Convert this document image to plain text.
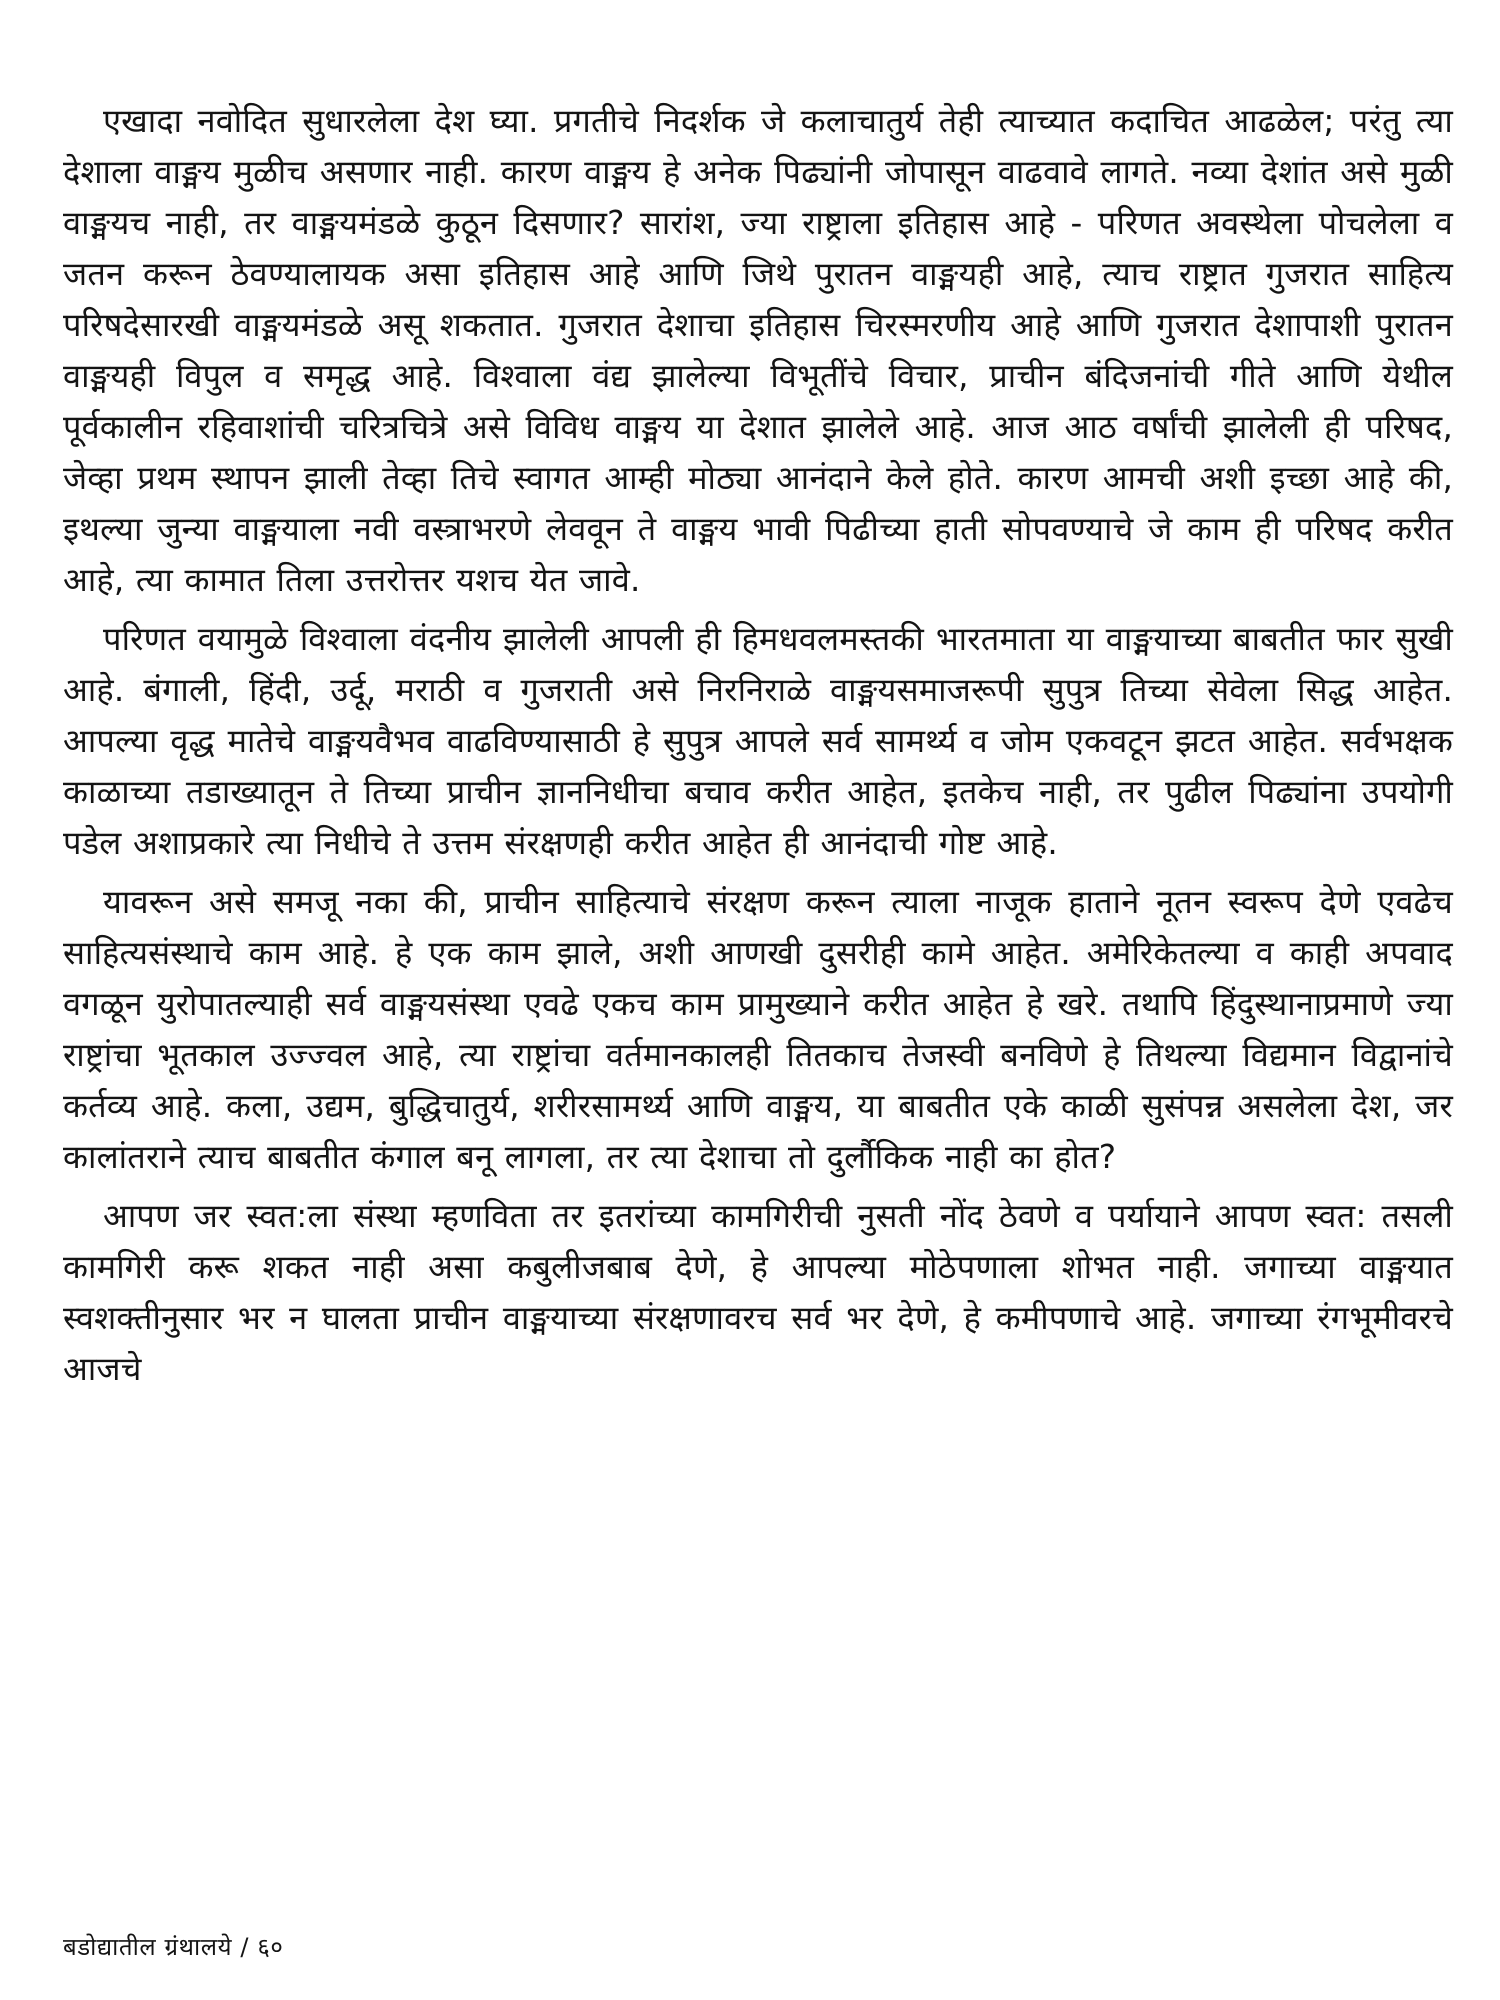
एखादा नवोदित सुधारलेला देश घ्या. प्रगतीचे निदर्शक जे कलाचातुर्य तेही त्याच्यात कदाचित आढळेल; परंतु त्या देशाला वाङ्मय मुळीच असणार नाही. कारण वाङ्मय हे अनेक पिढ्यांनी जोपासून वाढवावे लागते. नव्या देशांत असे मुळी वाङ्मयच नाही, तर वाङ्मयमंडळे कुठून दिसणार? सारांश, ज्या राष्ट्राला इतिहास आहे - परिणत अवस्थेला पोचलेला व जतन करून ठेवण्यालायक असा इतिहास आहे आणि जिथे पुरातन वाङ्मयही आहे, त्याच राष्ट्रात गुजरात साहित्य परिषदेसारखी वाङ्मयमंडळे असू शकतात. गुजरात देशाचा इतिहास चिरस्मरणीय आहे आणि गुजरात देशापाशी पुरातन वाङ्मयही विपुल व समृद्ध आहे. विश्वाला वंद्य झालेल्या विभूतींचे विचार, प्राचीन बंदिजनांची गीते आणि येथील पूर्वकालीन रहिवाशांची चरित्रचित्रे असे विविध वाङ्मय या देशात झालेले आहे. आज आठ वर्षांची झालेली ही परिषद, जेव्हा प्रथम स्थापन झाली तेव्हा तिचे स्वागत आम्ही मोठ्या आनंदाने केले होते. कारण आमची अशी इच्छा आहे की, इथल्या जुन्या वाङ्मयाला नवी वस्त्राभरणे लेववून ते वाङ्मय भावी पिढीच्या हाती सोपवण्याचे जे काम ही परिषद करीत आहे, त्या कामात तिला उत्तरोत्तर यशच येत जावे.

परिणत वयामुळे विश्वाला वंदनीय झालेली आपली ही हिमधवलमस्तकी भारतमाता या वाङ्मयाच्या बाबतीत फार सुखी आहे. बंगाली, हिंदी, उर्दू, मराठी व गुजराती असे निरनिराळे वाङ्मयसमाजरूपी सुपुत्र तिच्या सेवेला सिद्ध आहेत. आपल्या वृद्ध मातेचे वाङ्मयवैभव वाढविण्यासाठी हे सुपुत्र आपले सर्व सामर्थ्य व जोम एकवटून झटत आहेत. सर्वभक्षक काळाच्या तडाख्यातून ते तिच्या प्राचीन ज्ञाननिधीचा बचाव करीत आहेत, इतकेच नाही, तर पुढील पिढ्यांना उपयोगी पडेल अशाप्रकारे त्या निधीचे ते उत्तम संरक्षणही करीत आहेत ही आनंदाची गोष्ट आहे.

यावरून असे समजू नका की, प्राचीन साहित्याचे संरक्षण करून त्याला नाजूक हाताने नूतन स्वरूप देणे एवढेच साहित्यसंस्थाचे काम आहे. हे एक काम झाले, अशी आणखी दुसरीही कामे आहेत. अमेरिकेतल्या व काही अपवाद वगळून युरोपातल्याही सर्व वाङ्मयसंस्था एवढे एकच काम प्रामुख्याने करीत आहेत हे खरे. तथापि हिंदुस्थानाप्रमाणे ज्या राष्ट्रांचा भूतकाल उज्ज्वल आहे, त्या राष्ट्रांचा वर्तमानकालही तितकाच तेजस्वी बनविणे हे तिथल्या विद्यमान विद्वानांचे कर्तव्य आहे. कला, उद्यम, बुद्धिचातुर्य, शरीरसामर्थ्य आणि वाङ्मय, या बाबतीत एके काळी सुसंपन्न असलेला देश, जर कालांतराने त्याच बाबतीत कंगाल बनू लागला, तर त्या देशाचा तो दुर्लौकिक नाही का होत?

आपण जर स्वत:ला संस्था म्हणविता तर इतरांच्या कामगिरीची नुसती नोंद ठेवणे व पर्यायाने आपण स्वत: तसली कामगिरी करू शकत नाही असा कबुलीजबाब देणे, हे आपल्या मोठेपणाला शोभत नाही. जगाच्या वाङ्मयात स्वशक्तीनुसार भर न घालता प्राचीन वाङ्मयाच्या संरक्षणावरच सर्व भर देणे, हे कमीपणाचे आहे. जगाच्या रंगभूमीवरचे आजचे

बडोद्यातील ग्रंथालये / ६०
